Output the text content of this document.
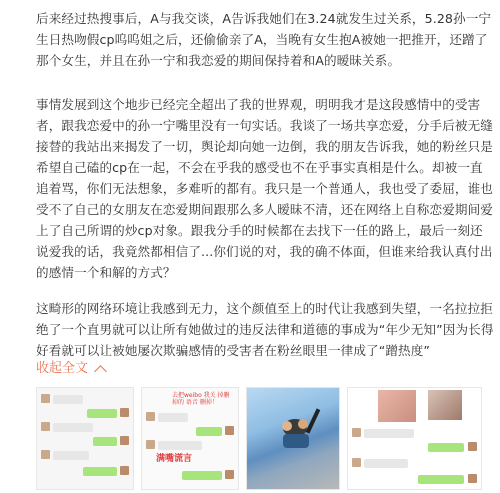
后来经过热搜事后，A与我交谈，A告诉我她们在3.24就发生过关系，5.28孙一宁生日热吻假cp呜呜姐之后，还偷偷亲了A，当晚有女生抱A被她一把推开，还蹭了那个女生，并且在孙一宁和我恋爱的期间保持着和A的暧昧关系。

事情发展到这个地步已经完全超出了我的世界观，明明我才是这段感情中的受害者，跟我恋爱中的孙一宁嘴里没有一句实话。我谈了一场共享恋爱，分手后被无缝接替的我站出来揭发了一切，舆论却向她一边倒，我的朋友告诉我，她的粉丝只是希望自己磕的cp在一起，不会在乎我的感受也不在乎事实真相是什么。却被一直追着骂，你们无法想象，多难听的都有。我只是一个普通人，我也受了委屈，谁也受不了自己的女朋友在恋爱期间跟那么多人暧昧不清，还在网络上自称恋爱期间爱上了自己所谓的炒cp对象。跟我分手的时候都在去找下一任的路上，最后一刻还说爱我的话，我竟然都相信了...你们说的对，我的确不体面，但谁来给我认真付出的感情一个和解的方式？

这畸形的网络环境让我感到无力，这个颜值至上的时代让我感到失望，一名拉拉拒绝了一个直男就可以让所有她做过的违反法律和道德的事成为“年少无知”因为长得好看就可以让被她屡次欺骗感情的受害者在粉丝眼里一律成了“蹭热度”

收起全文
去把weibo 我关 掉删掉的 语音 删掉！
满嘴谎言
